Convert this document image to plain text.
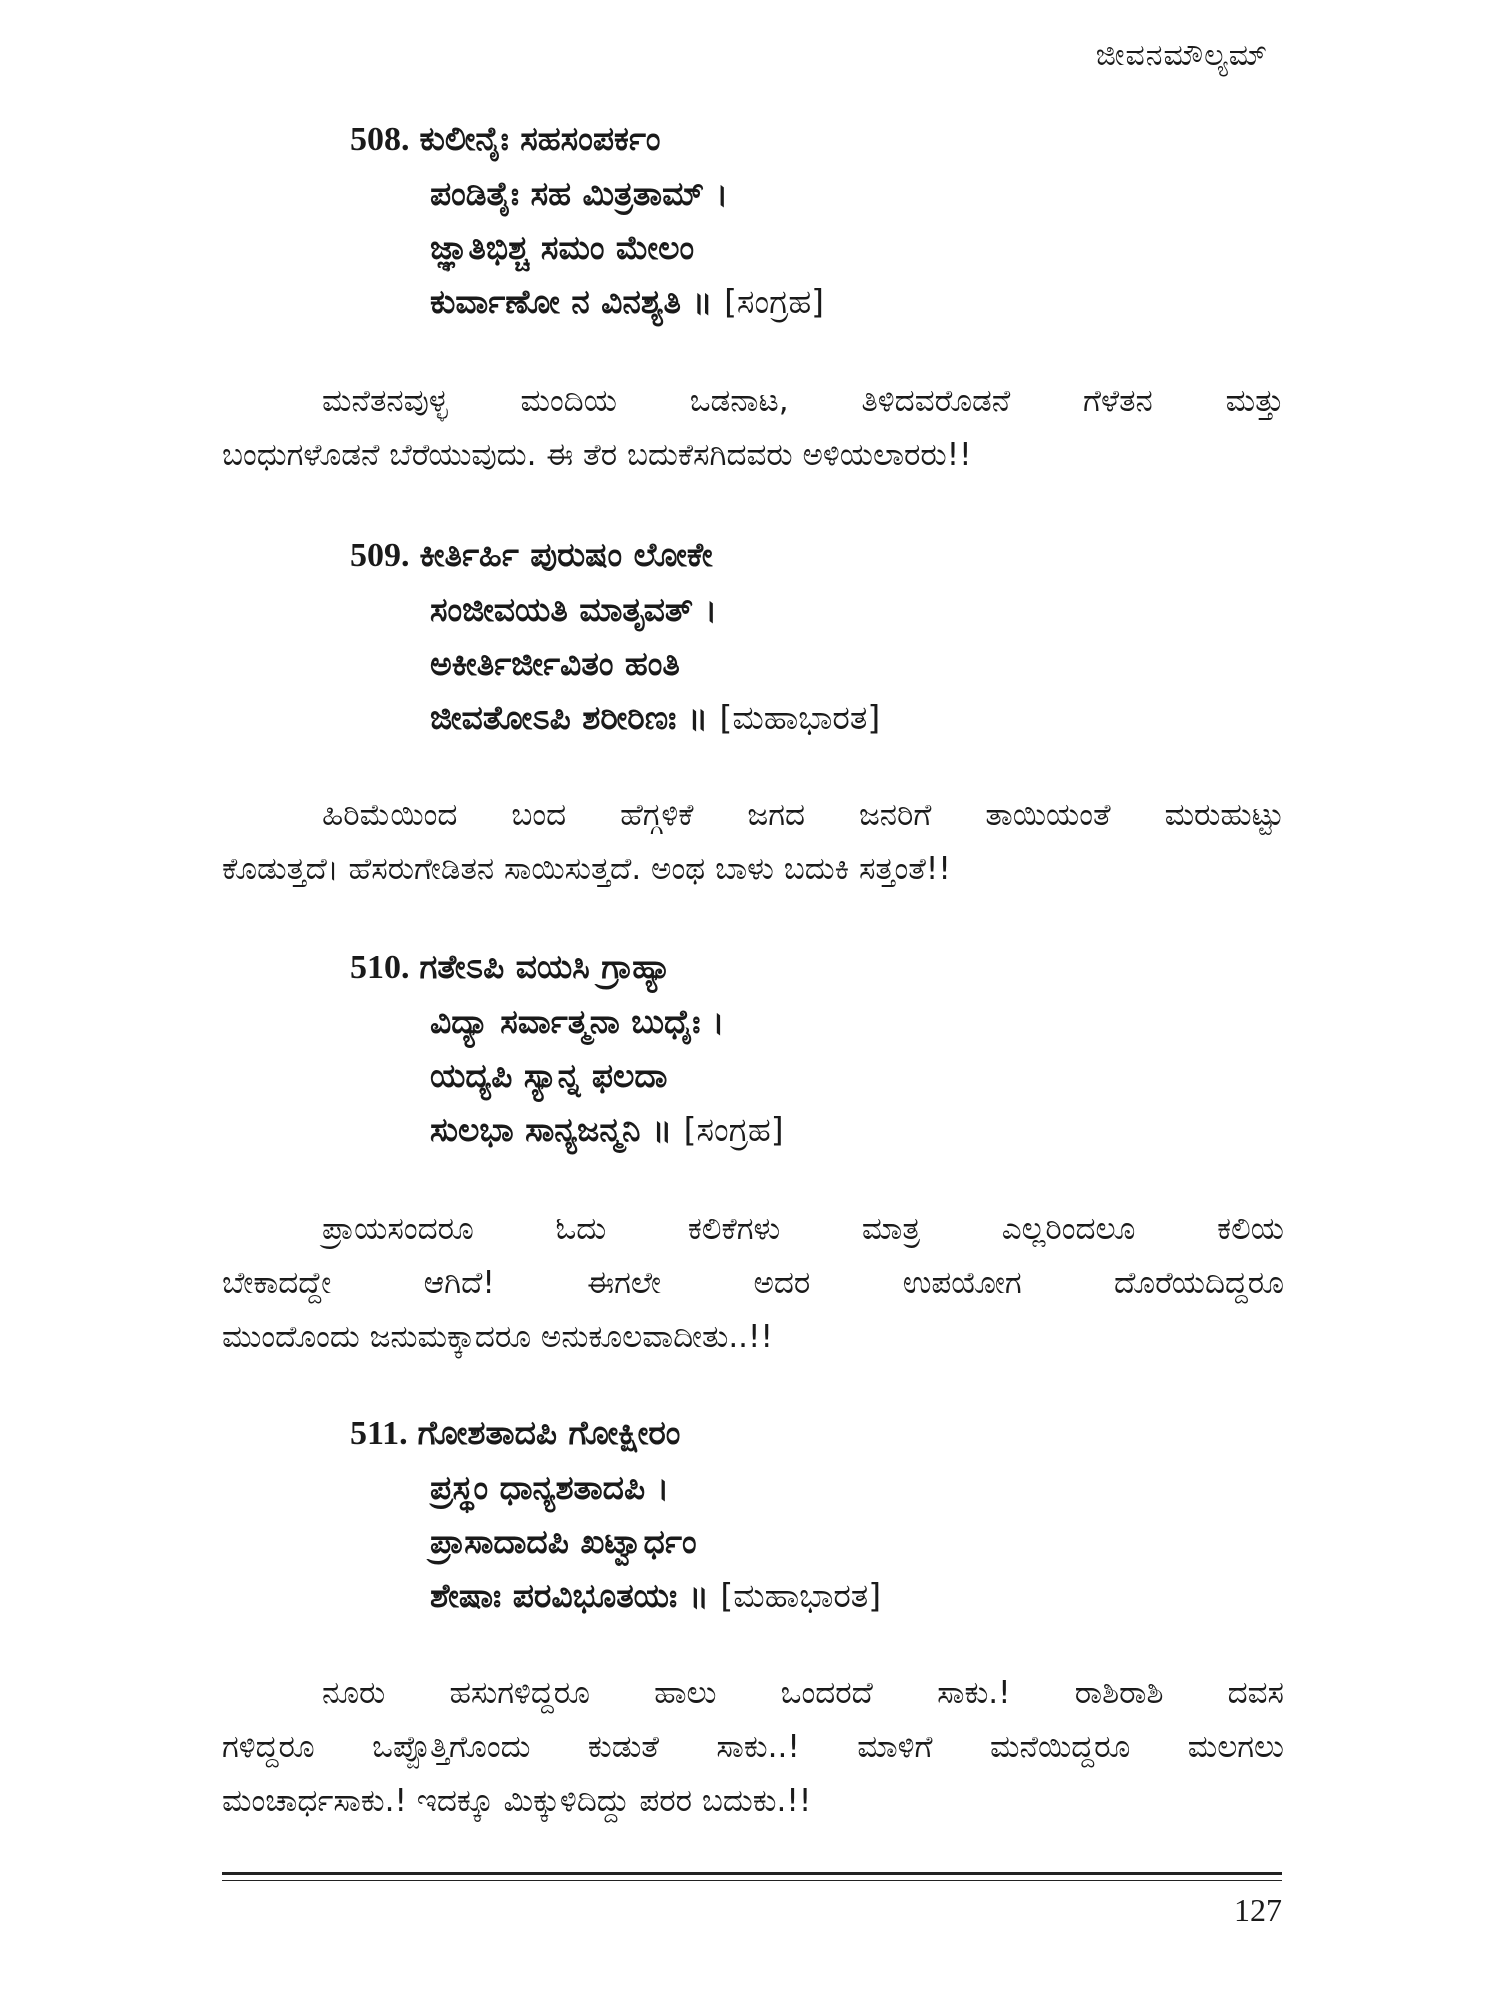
ಜೀವನಮೌಲ್ಯಮ್
508. ಕುಲೀನೈಃ ಸಹಸಂಪರ್ಕಂ
ಪಂಡಿತೈಃ ಸಹ ಮಿತ್ರತಾಮ್ ।
ಜ್ಞಾತಿಭಿಶ್ಚ ಸಮಂ ಮೇಲಂ
ಕುರ್ವಾಣೋ ನ ವಿನಶ್ಯತಿ ॥ [ಸಂಗ್ರಹ]
ಮನೆತನವುಳ್ಳ ಮಂದಿಯ ಒಡನಾಟ, ತಿಳಿದವರೊಡನೆ ಗೆಳೆತನ ಮತ್ತು
ಬಂಧುಗಳೊಡನೆ ಬೆರೆಯುವುದು. ಈ ತೆರ ಬದುಕೆಸಗಿದವರು ಅಳಿಯಲಾರರು!!
509. ಕೀರ್ತಿರ್ಹಿ ಪುರುಷಂ ಲೋಕೇ
ಸಂಜೀವಯತಿ ಮಾತೃವತ್ ।
ಅಕೀರ್ತಿರ್ಜೀವಿತಂ ಹಂತಿ
ಜೀವತೋಽಪಿ ಶರೀರಿಣಃ ॥ [ಮಹಾಭಾರತ]
ಹಿರಿಮೆಯಿಂದ ಬಂದ ಹೆಗ್ಗಳಿಕೆ ಜಗದ ಜನರಿಗೆ ತಾಯಿಯಂತೆ ಮರುಹುಟ್ಟು
ಕೊಡುತ್ತದೆ। ಹೆಸರುಗೇಡಿತನ ಸಾಯಿಸುತ್ತದೆ. ಅಂಥ ಬಾಳು ಬದುಕಿ ಸತ್ತಂತೆ!!
510. ಗತೇಽಪಿ ವಯಸಿ ಗ್ರಾಹ್ಯಾ
ವಿದ್ಯಾ ಸರ್ವಾತ್ಮನಾ ಬುಧೈಃ ।
ಯದ್ಯಪಿ ಸ್ಯಾನ್ನ ಫಲದಾ
ಸುಲಭಾ ಸಾನ್ಯಜನ್ಮನಿ ॥ [ಸಂಗ್ರಹ]
ಪ್ರಾಯಸಂದರೂ ಓದು ಕಲಿಕೆಗಳು ಮಾತ್ರ ಎಲ್ಲರಿಂದಲೂ ಕಲಿಯ
ಬೇಕಾದದ್ದೇ ಆಗಿದೆ! ಈಗಲೇ ಅದರ ಉಪಯೋಗ ದೊರೆಯದಿದ್ದರೂ
ಮುಂದೊಂದು ಜನುಮಕ್ಕಾದರೂ ಅನುಕೂಲವಾದೀತು..!!
511. ಗೋಶತಾದಪಿ ಗೋಕ್ಷೀರಂ
ಪ್ರಸ್ಥಂ ಧಾನ್ಯಶತಾದಪಿ ।
ಪ್ರಾಸಾದಾದಪಿ ಖಟ್ವಾರ್ಧಂ
ಶೇಷಾಃ ಪರವಿಭೂತಯಃ ॥ [ಮಹಾಭಾರತ]
ನೂರು ಹಸುಗಳಿದ್ದರೂ ಹಾಲು ಒಂದರದೆ ಸಾಕು.! ರಾಶಿರಾಶಿ ದವಸ
ಗಳಿದ್ದರೂ ಒಪ್ಪೊತ್ತಿಗೊಂದು ಕುಡುತೆ ಸಾಕು..! ಮಾಳಿಗೆ ಮನೆಯಿದ್ದರೂ ಮಲಗಲು
ಮಂಚಾರ್ಧಸಾಕು.! ಇದಕ್ಕೂ ಮಿಕ್ಕುಳಿದಿದ್ದು ಪರರ ಬದುಕು.!!
127
